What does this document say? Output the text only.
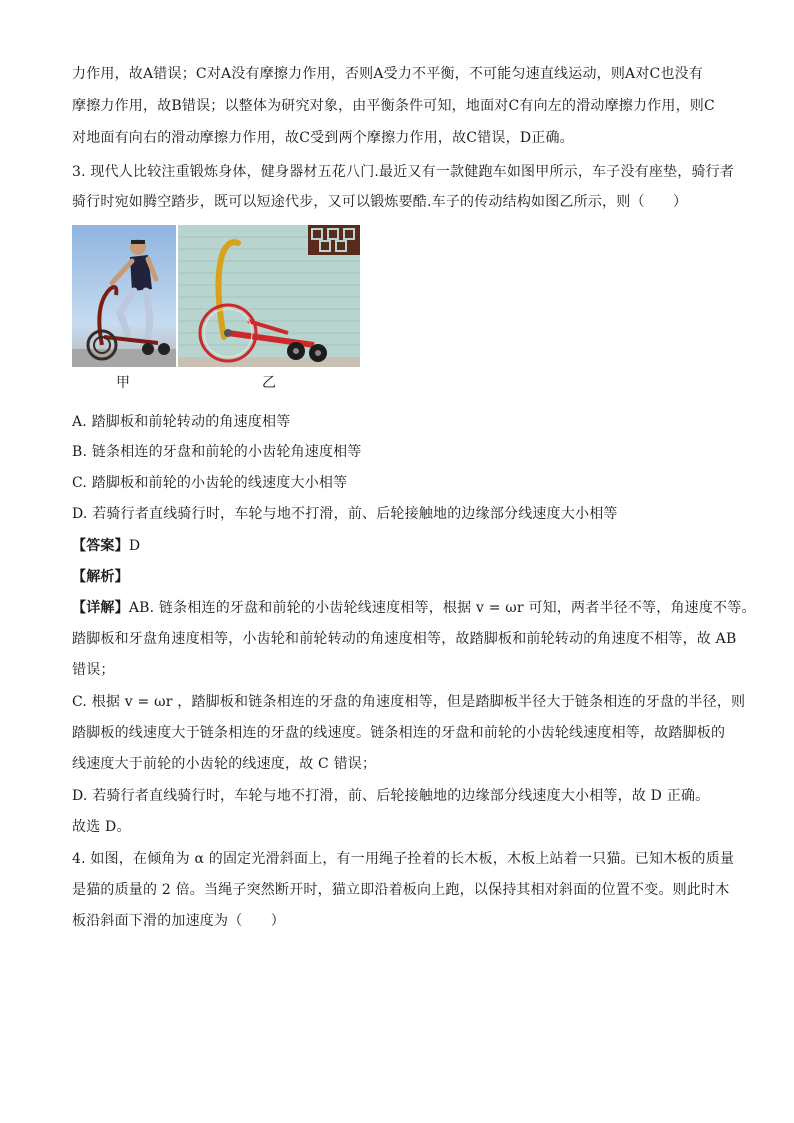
力作用，故A错误；C对A没有摩擦力作用，否则A受力不平衡，不可能匀速直线运动，则A对C也没有
摩擦力作用，故B错误；以整体为研究对象，由平衡条件可知，地面对C有向左的滑动摩擦力作用，则C
对地面有向右的滑动摩擦力作用，故C受到两个摩擦力作用，故C错误，D正确。
3. 现代人比较注重锻炼身体，健身器材五花八门.最近又有一款健跑车如图甲所示，车子没有座垫，骑行者
骑行时宛如腾空踏步，既可以短途代步，又可以锻炼要酷.车子的传动结构如图乙所示，则（　　）
甲	乙
A. 踏脚板和前轮转动的角速度相等
B. 链条相连的牙盘和前轮的小齿轮角速度相等
C. 踏脚板和前轮的小齿轮的线速度大小相等
D. 若骑行者直线骑行时，车轮与地不打滑，前、后轮接触地的边缘部分线速度大小相等
【答案】D
【解析】
【详解】AB. 链条相连的牙盘和前轮的小齿轮线速度相等，根据 v = ωr 可知，两者半径不等，角速度不等。
踏脚板和牙盘角速度相等，小齿轮和前轮转动的角速度相等，故踏脚板和前轮转动的角速度不相等，故 AB
错误；
C. 根据 v = ωr ，踏脚板和链条相连的牙盘的角速度相等，但是踏脚板半径大于链条相连的牙盘的半径，则
踏脚板的线速度大于链条相连的牙盘的线速度。链条相连的牙盘和前轮的小齿轮线速度相等，故踏脚板的
线速度大于前轮的小齿轮的线速度，故 C 错误；
D. 若骑行者直线骑行时，车轮与地不打滑，前、后轮接触地的边缘部分线速度大小相等，故 D 正确。
故选 D。
4. 如图，在倾角为 α 的固定光滑斜面上，有一用绳子拴着的长木板，木板上站着一只猫。已知木板的质量
是猫的质量的 2 倍。当绳子突然断开时，猫立即沿着板向上跑，以保持其相对斜面的位置不变。则此时木
板沿斜面下滑的加速度为（　　）
